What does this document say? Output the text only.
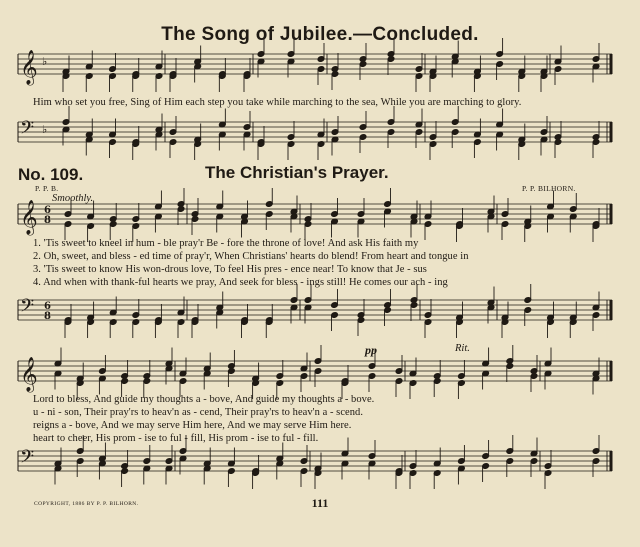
The Song of Jubilee.—Concluded.
𝄞 ♭
𝄢 ♭
𝄞 6
8
𝄢 6
8
𝄞
𝄢
Him who set you free, Sing of Him each step you take while marching to the sea, While you are marching to glory.
No. 109.	The Christian's Prayer.
P. P. B.	P. P. BILHORN.
Smoothly.
1. 'Tis sweet to kneel in hum - ble pray'r Be - fore the throne of love! And ask His faith my
2. Oh, sweet, and bless - ed time of pray'r, When Christians' hearts do blend! From heart and tongue in
3. 'Tis sweet to know His won-drous love, To feel His pres - ence near! To know that Je - sus
4. And when with thank-ful hearts we pray, And seek for bless - ings still! He comes our ach - ing
pp	Rit.
Lord to bless, And guide my thoughts a - bove, And guide my thoughts a - bove.
u - ni - son, Their pray'rs to heav'n as - cend, Their pray'rs to heav'n a - scend.
reigns a - bove, And we may serve Him here, And we may serve Him here.
heart to cheer, His prom - ise to ful - fill, His prom - ise to ful - fill.
COPYRIGHT, 1886 BY P. P. BILHORN.	111
